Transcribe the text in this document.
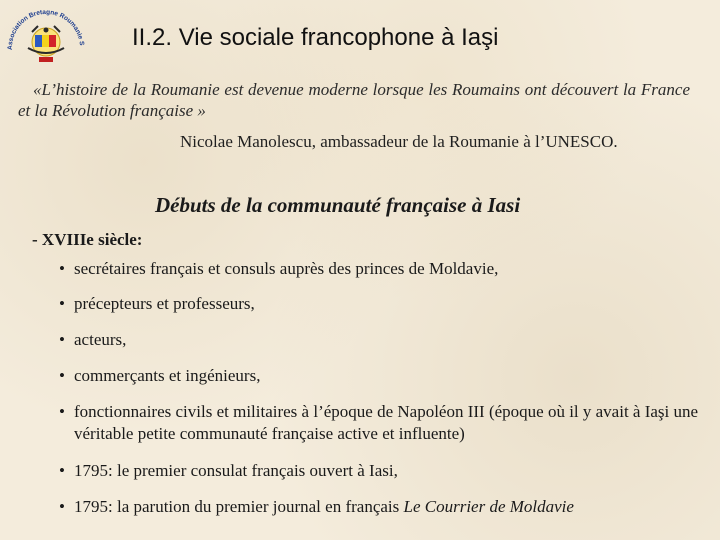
Association Bretagne Roumanie S II.2. Vie sociale francophone à Iaşi
«L’histoire de la Roumanie est devenue moderne lorsque les Roumains ont découvert la France et la Révolution française »
Nicolae Manolescu, ambassadeur de la Roumanie à l’UNESCO.
Débuts de la communauté française à Iasi
- XVIIIe siècle:
• secrétaires français et consuls auprès des princes de Moldavie,
• précepteurs et professeurs,
• acteurs,
• commerçants et ingénieurs,
• fonctionnaires civils et militaires à l’époque de Napoléon III (époque où il y avait à Iaşi une véritable petite communauté française active et influente)
• 1795: le premier consulat français ouvert à Iasi,
• 1795: la parution du premier journal en français Le Courrier de Moldavie
